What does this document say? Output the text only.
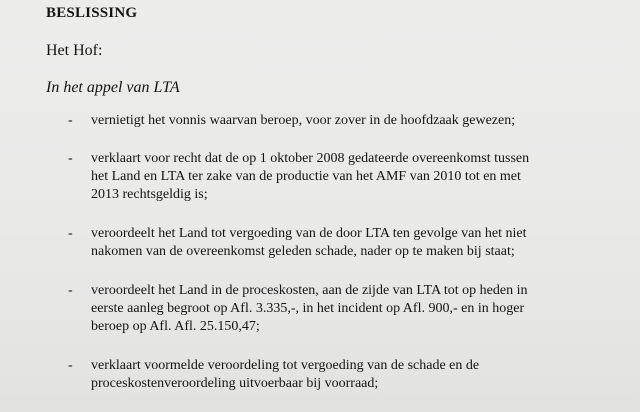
BESLISSING
Het Hof:
In het appel van LTA
- vernietigt het vonnis waarvan beroep, voor zover in de hoofdzaak gewezen;
- verklaart voor recht dat de op 1 oktober 2008 gedateerde overeenkomst tussen
het Land en LTA ter zake van de productie van het AMF van 2010 tot en met
2013 rechtsgeldig is;
- veroordeelt het Land tot vergoeding van de door LTA ten gevolge van het niet
nakomen van de overeenkomst geleden schade, nader op te maken bij staat;
- veroordeelt het Land in de proceskosten, aan de zijde van LTA tot op heden in
eerste aanleg begroot op Afl. 3.335,-, in het incident op Afl. 900,- en in hoger
beroep op Afl. Afl. 25.150,47;
- verklaart voormelde veroordeling tot vergoeding van de schade en de
proceskostenveroordeling uitvoerbaar bij voorraad;
